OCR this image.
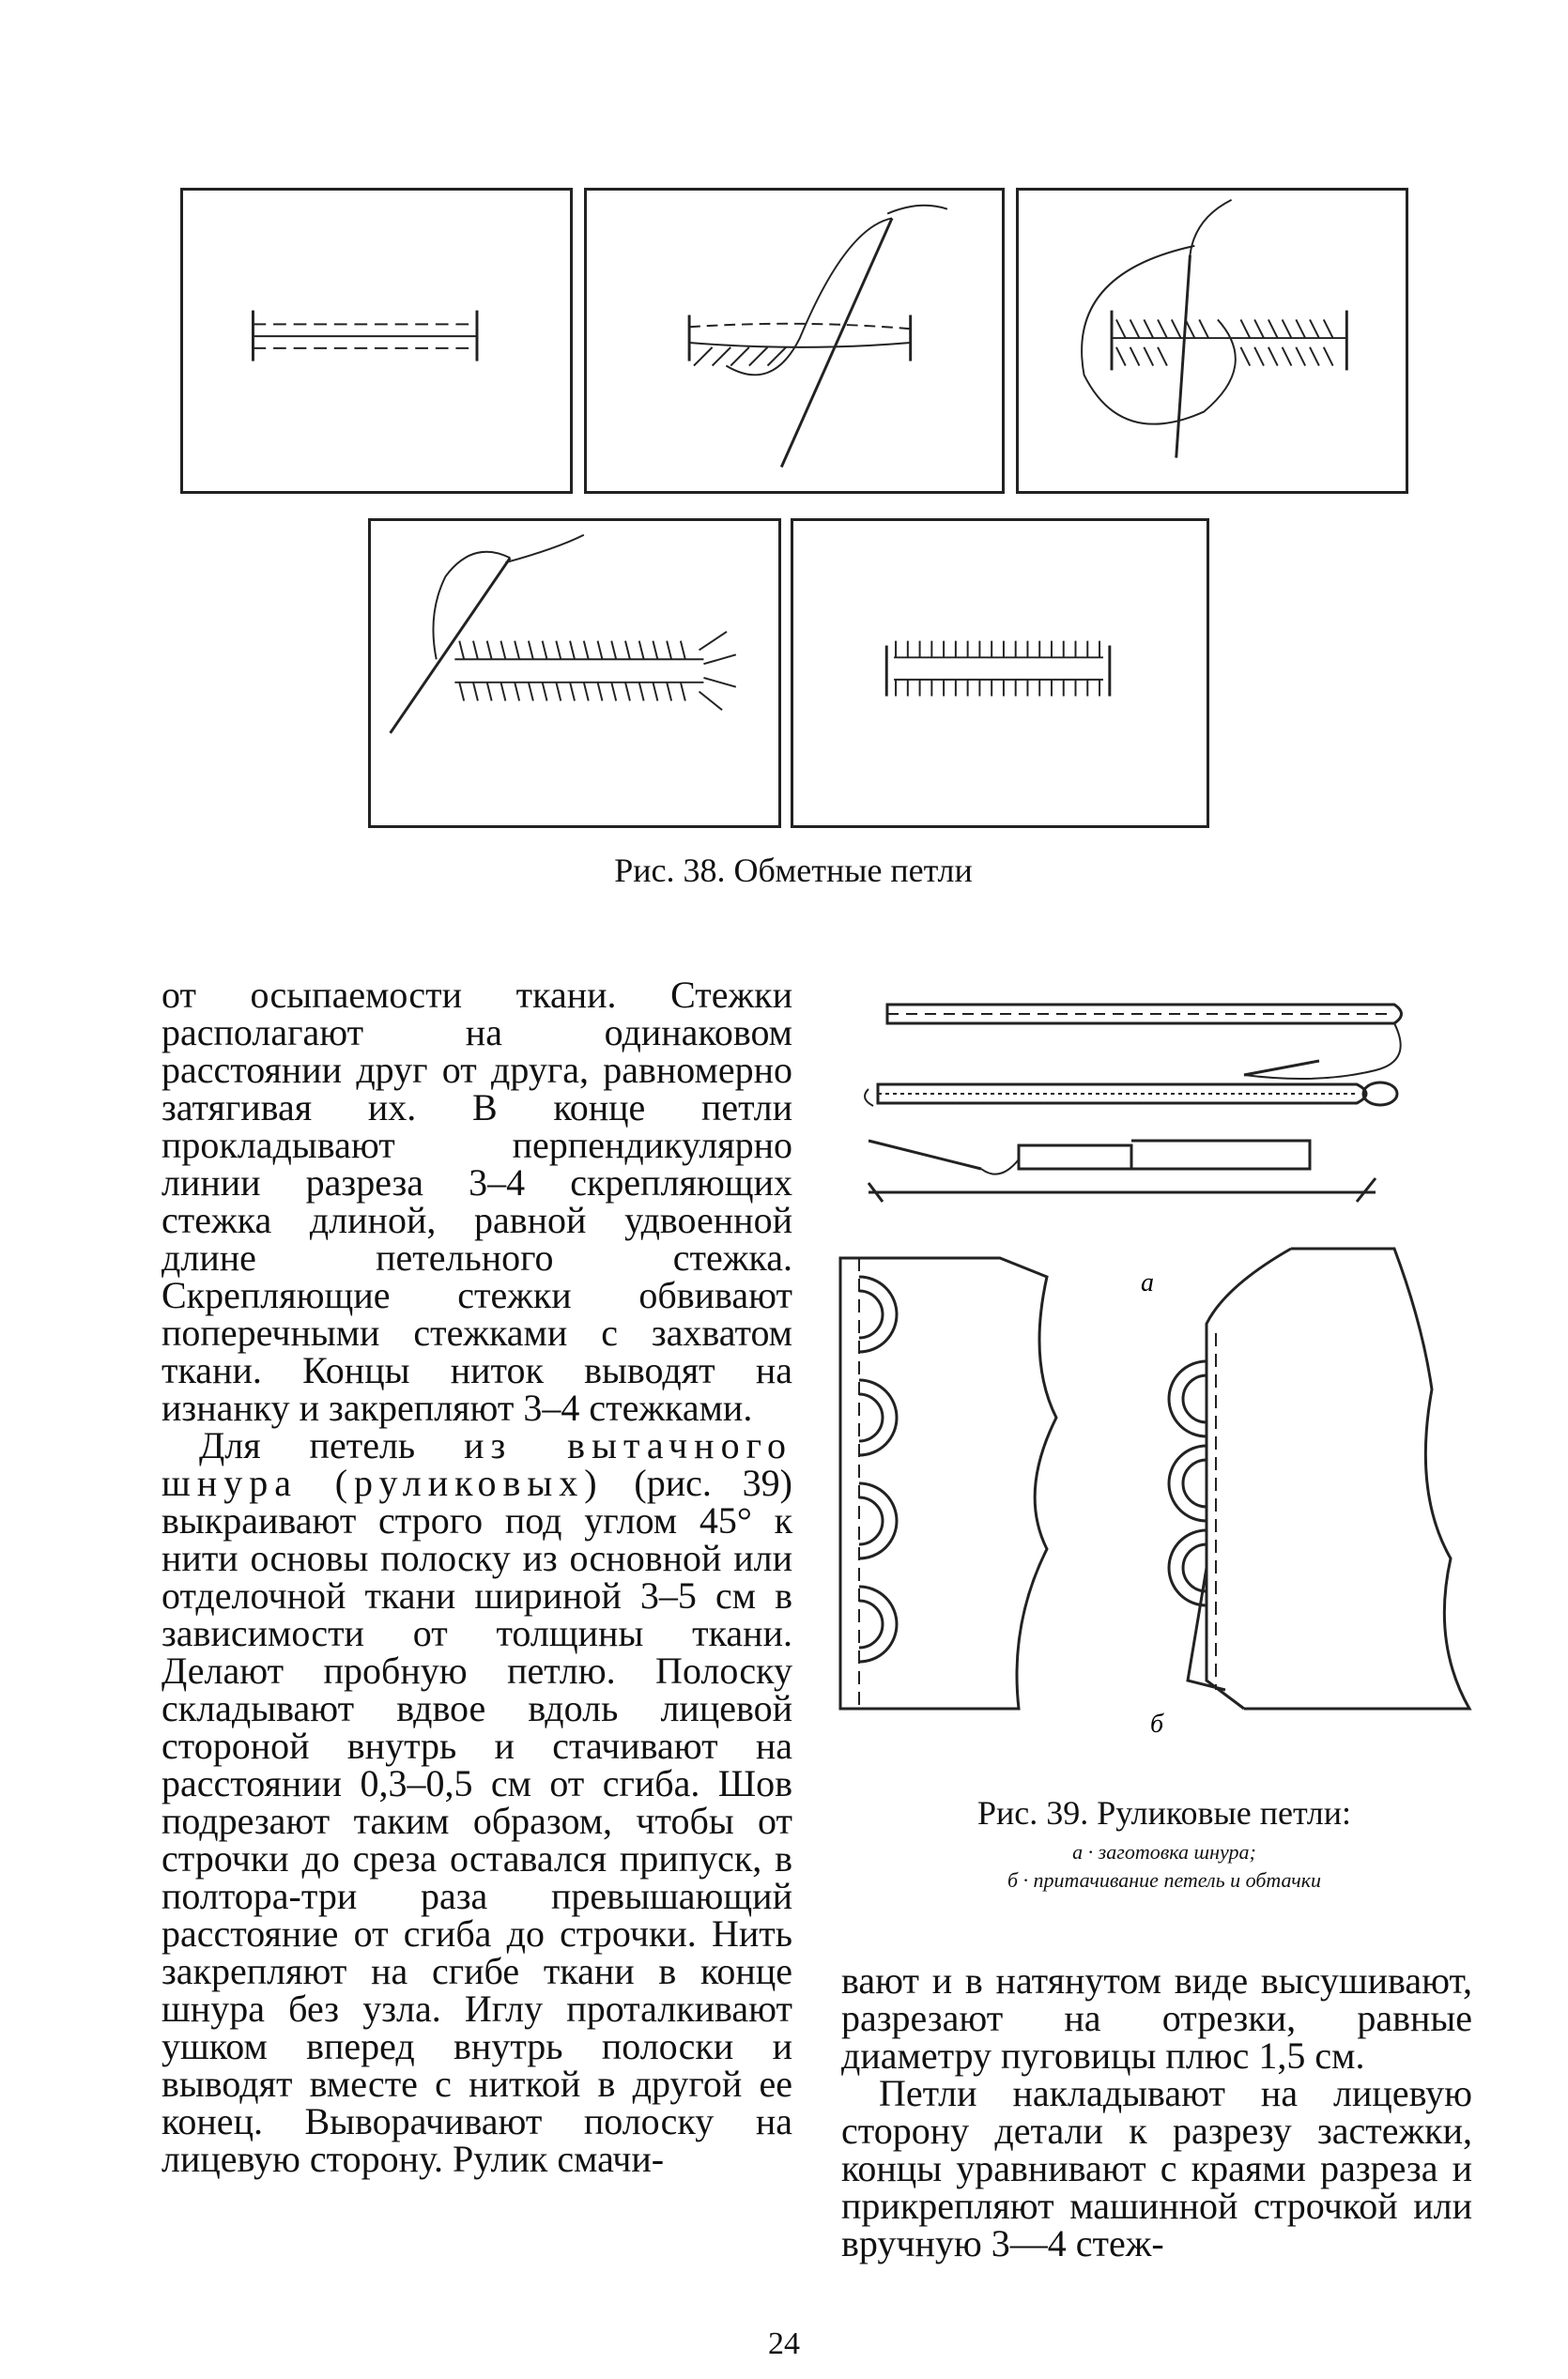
Рис. 38. Обметные петли
а
б
Рис. 39. Руликовые петли:
а · заготовка шнура;
б · притачивание петель и обтачки

от осыпаемости ткани. Стежки располагают на одинаковом расстоянии друг от друга, равномерно затягивая их. В конце петли прокладывают перпендикулярно линии разреза 3–4 скрепляющих стежка длиной, равной удвоенной длине петельного стежка. Скрепляющие стежки обвивают поперечными стежками с захватом ткани. Концы ниток выводят на изнанку и закрепляют 3–4 стежками.

Для петель из вытачного шнура (руликовых) (рис. 39) выкраивают строго под углом 45° к нити основы полоску из основной или отделочной ткани шириной 3–5 см в зависимости от толщины ткани. Делают пробную петлю. Полоску складывают вдвое вдоль лицевой стороной внутрь и стачивают на расстоянии 0,3–0,5 см от сгиба. Шов подрезают таким образом, чтобы от строчки до среза оставался припуск, в полтора-три раза превышающий расстояние от сгиба до строчки. Нить закрепляют на сгибе ткани в конце шнура без узла. Иглу проталкивают ушком вперед внутрь полоски и выводят вместе с ниткой в другой ее конец. Выворачивают полоску на лицевую сторону. Рулик смачи-

вают и в натянутом виде высушивают, разрезают на отрезки, равные диаметру пуговицы плюс 1,5 см.

Петли накладывают на лицевую сторону детали к разрезу застежки, концы уравнивают с краями разреза и прикрепляют машинной строчкой или вручную 3—4 стеж-

24
